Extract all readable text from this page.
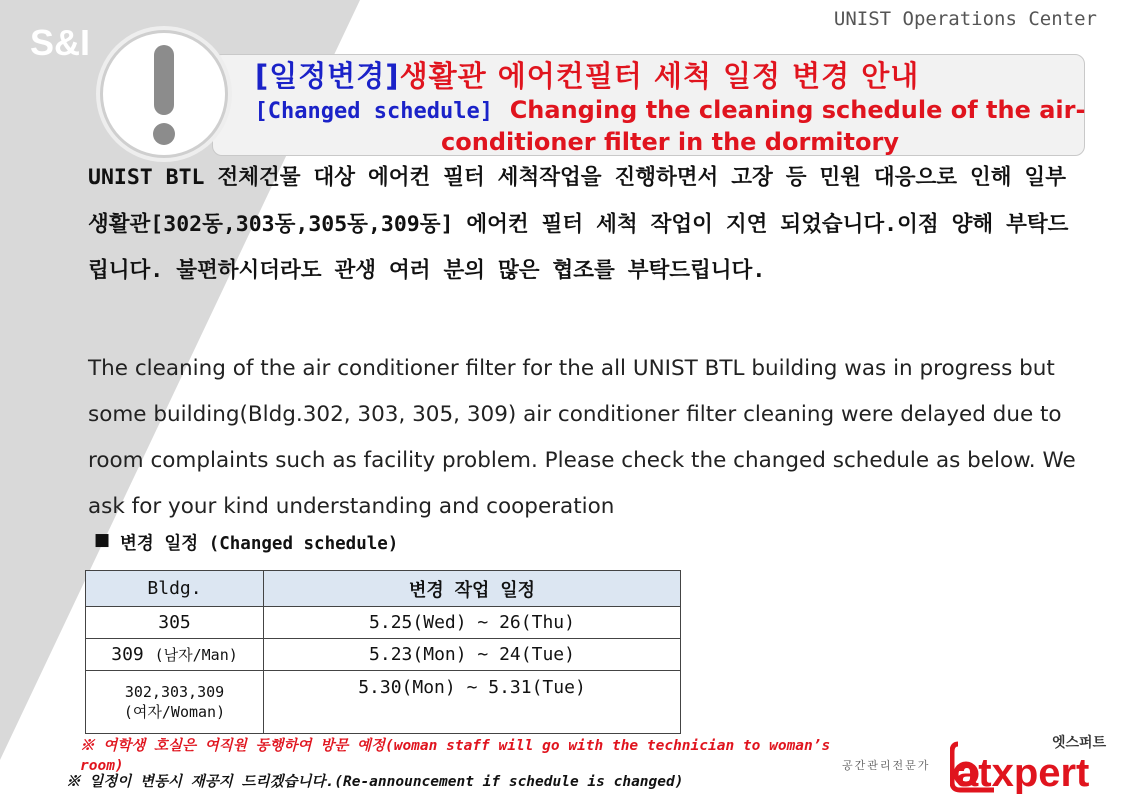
S&I
UNIST Operations Center
[일정변경]생활관 에어컨필터 세척 일정 변경 안내
[Changed schedule] Changing the cleaning schedule of the air-conditioner filter in the dormitory
UNIST BTL 전체건물 대상 에어컨 필터 세척작업을 진행하면서 고장 등 민원 대응으로 인해 일부 생활관[302동,303동,305동,309동] 에어컨 필터 세척 작업이 지연 되었습니다.이점 양해 부탁드립니다. 불편하시더라도 관생 여러 분의 많은 협조를 부탁드립니다.
The cleaning of the air conditioner filter for the all UNIST BTL building was in progress but some building(Bldg.302, 303, 305, 309) air conditioner filter cleaning were delayed due to room complaints such as facility problem. Please check the changed schedule as below. We ask for your kind understanding and cooperation
■ 변경 일정 (Changed schedule)
Bldg.	변경 작업 일정
305	5.25(Wed) ~ 26(Thu)
309 (남자/Man)	5.23(Mon) ~ 24(Tue)

302,303,309
(여자/Woman)	5.30(Mon) ~ 5.31(Tue)
※ 여학생 호실은 여직원 동행하여 방문 예정(woman staff will go with the technician to woman’s room)
※ 일정이 변동시 재공지 드리겠습니다.(Re-announcement if schedule is changed)
엣스퍼트
공간관리전문가 atxpert
